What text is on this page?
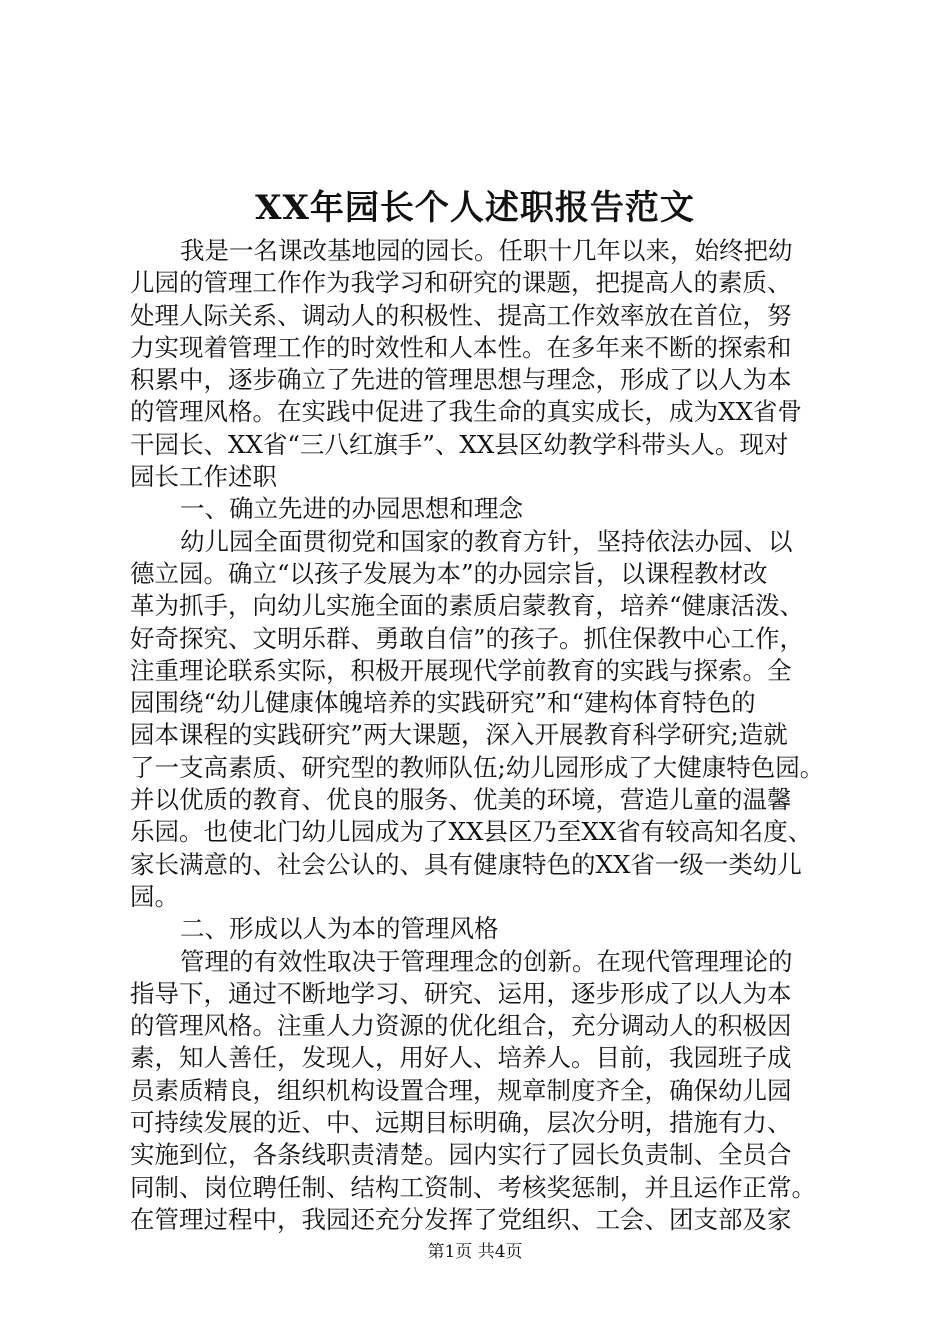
XX年园长个人述职报告范文
我是一名课改基地园的园长。任职十几年以来，始终把幼
儿园的管理工作作为我学习和研究的课题，把提高人的素质、
处理人际关系、调动人的积极性、提高工作效率放在首位，努
力实现着管理工作的时效性和人本性。在多年来不断的探索和
积累中，逐步确立了先进的管理思想与理念，形成了以人为本
的管理风格。在实践中促进了我生命的真实成长，成为XX省骨
干园长、XX省“三八红旗手”、XX县区幼教学科带头人。现对
园长工作述职
一、确立先进的办园思想和理念
幼儿园全面贯彻党和国家的教育方针，坚持依法办园、以
德立园。确立“以孩子发展为本”的办园宗旨，以课程教材改
革为抓手，向幼儿实施全面的素质启蒙教育，培养“健康活泼、
好奇探究、文明乐群、勇敢自信”的孩子。抓住保教中心工作，
注重理论联系实际，积极开展现代学前教育的实践与探索。全
园围绕“幼儿健康体魄培养的实践研究”和“建构体育特色的
园本课程的实践研究”两大课题，深入开展教育科学研究;造就
了一支高素质、研究型的教师队伍;幼儿园形成了大健康特色园。
并以优质的教育、优良的服务、优美的环境，营造儿童的温馨
乐园。也使北门幼儿园成为了XX县区乃至XX省有较高知名度、
家长满意的、社会公认的、具有健康特色的XX省一级一类幼儿
园。
二、形成以人为本的管理风格
管理的有效性取决于管理理念的创新。在现代管理理论的
指导下，通过不断地学习、研究、运用，逐步形成了以人为本
的管理风格。注重人力资源的优化组合，充分调动人的积极因
素，知人善任，发现人，用好人、培养人。目前，我园班子成
员素质精良，组织机构设置合理，规章制度齐全，确保幼儿园
可持续发展的近、中、远期目标明确，层次分明，措施有力、
实施到位，各条线职责清楚。园内实行了园长负责制、全员合
同制、岗位聘任制、结构工资制、考核奖惩制，并且运作正常。
在管理过程中，我园还充分发挥了党组织、工会、团支部及家
第1页 共4页
